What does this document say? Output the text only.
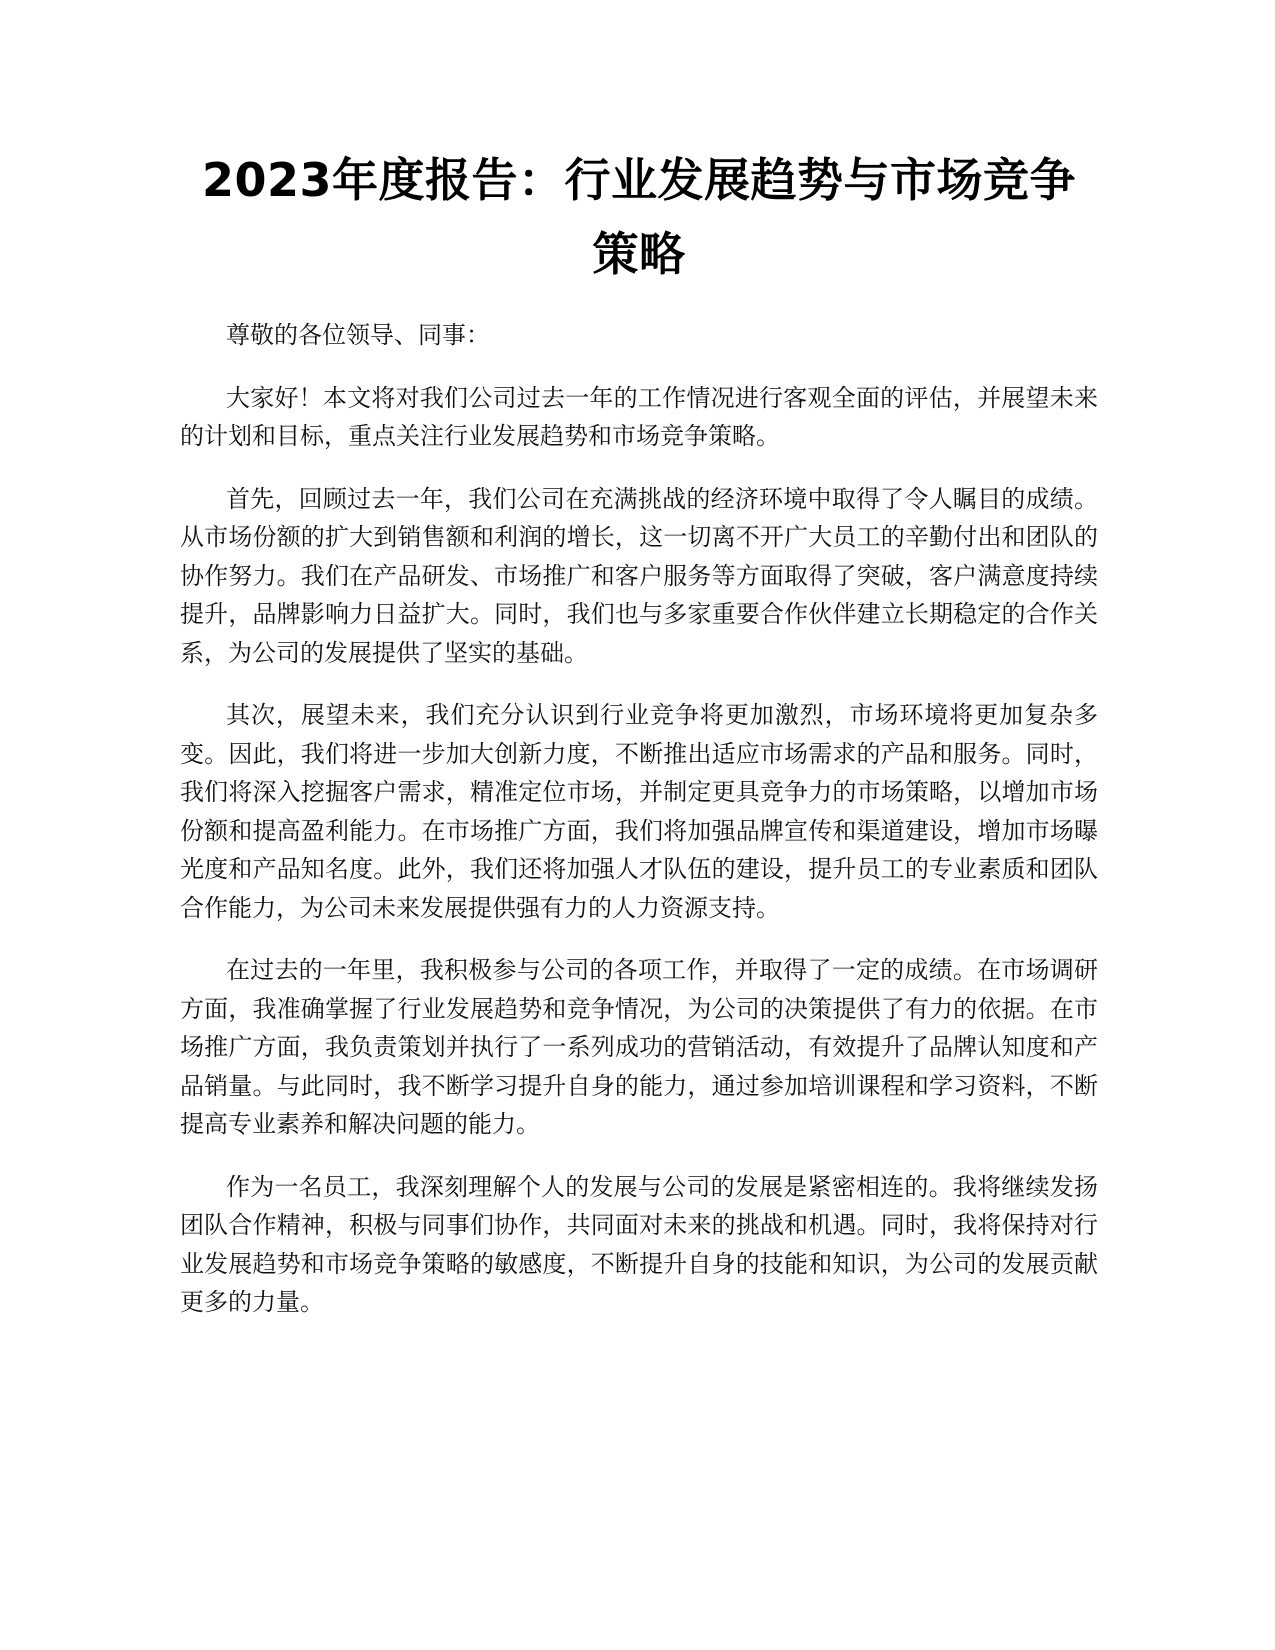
2023年度报告：行业发展趋势与市场竞争策略

尊敬的各位领导、同事：

大家好！本文将对我们公司过去一年的工作情况进行客观全面的评估，并展望未来的计划和目标，重点关注行业发展趋势和市场竞争策略。

首先，回顾过去一年，我们公司在充满挑战的经济环境中取得了令人瞩目的成绩。从市场份额的扩大到销售额和利润的增长，这一切离不开广大员工的辛勤付出和团队的协作努力。我们在产品研发、市场推广和客户服务等方面取得了突破，客户满意度持续提升，品牌影响力日益扩大。同时，我们也与多家重要合作伙伴建立长期稳定的合作关系，为公司的发展提供了坚实的基础。

其次，展望未来，我们充分认识到行业竞争将更加激烈，市场环境将更加复杂多变。因此，我们将进一步加大创新力度，不断推出适应市场需求的产品和服务。同时，我们将深入挖掘客户需求，精准定位市场，并制定更具竞争力的市场策略，以增加市场份额和提高盈利能力。在市场推广方面，我们将加强品牌宣传和渠道建设，增加市场曝光度和产品知名度。此外，我们还将加强人才队伍的建设，提升员工的专业素质和团队合作能力，为公司未来发展提供强有力的人力资源支持。

在过去的一年里，我积极参与公司的各项工作，并取得了一定的成绩。在市场调研方面，我准确掌握了行业发展趋势和竞争情况，为公司的决策提供了有力的依据。在市场推广方面，我负责策划并执行了一系列成功的营销活动，有效提升了品牌认知度和产品销量。与此同时，我不断学习提升自身的能力，通过参加培训课程和学习资料，不断提高专业素养和解决问题的能力。

作为一名员工，我深刻理解个人的发展与公司的发展是紧密相连的。我将继续发扬团队合作精神，积极与同事们协作，共同面对未来的挑战和机遇。同时，我将保持对行业发展趋势和市场竞争策略的敏感度，不断提升自身的技能和知识，为公司的发展贡献更多的力量。
